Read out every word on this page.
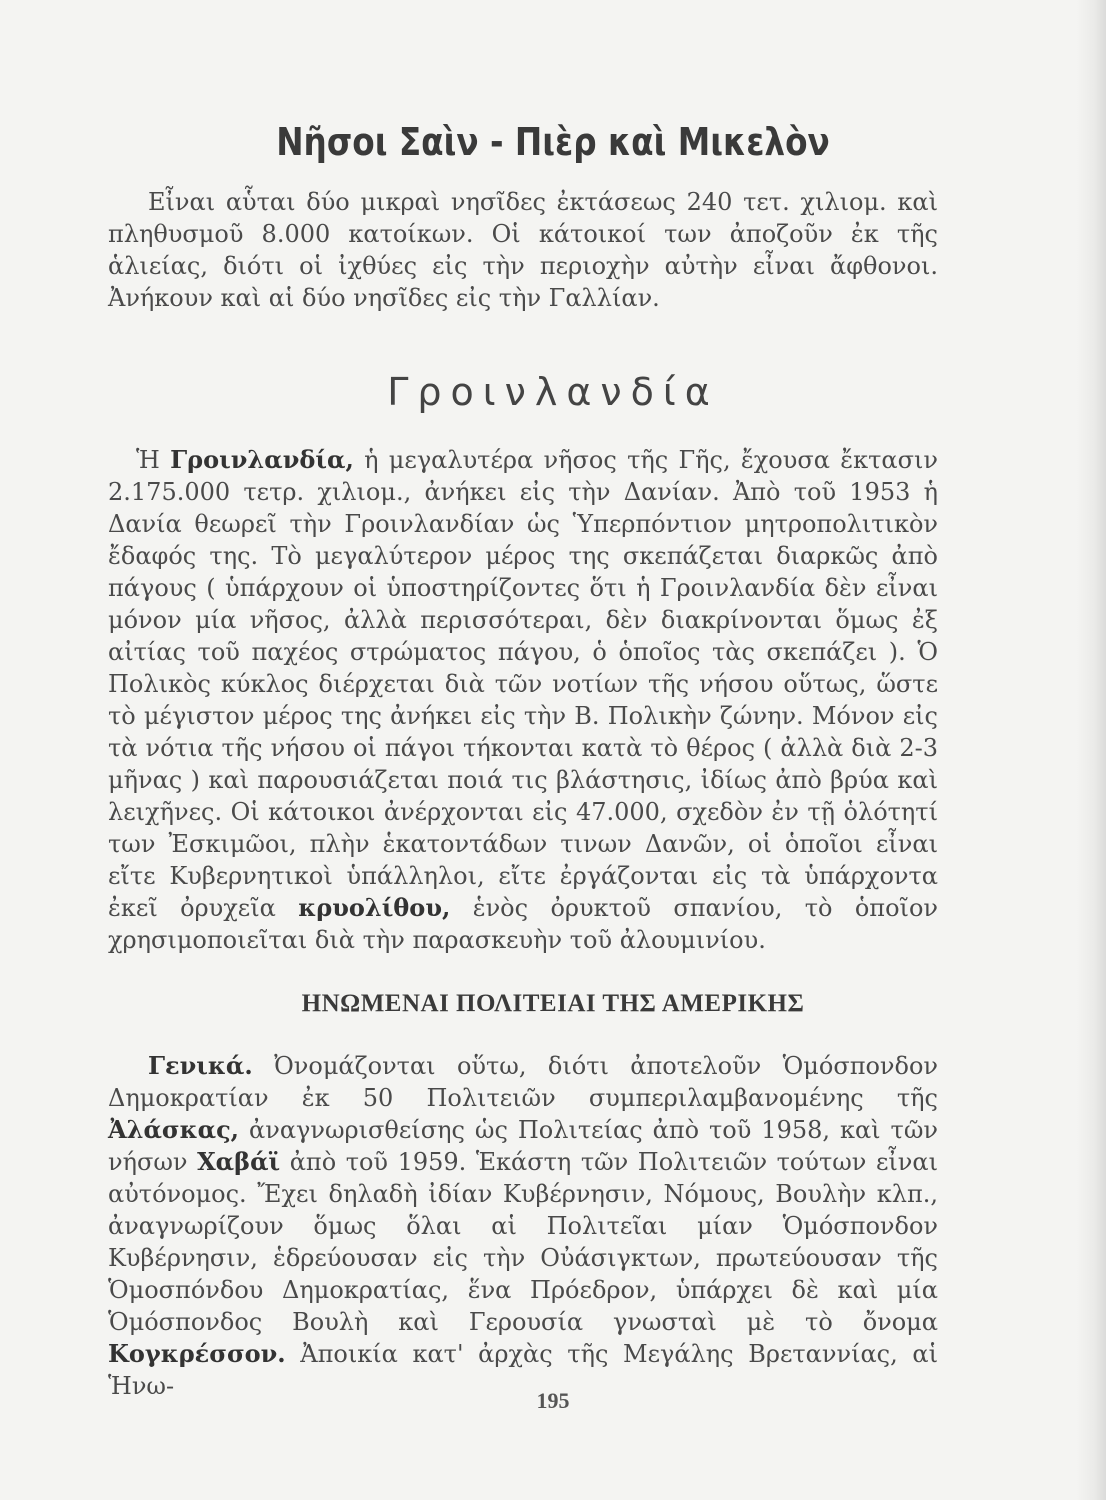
Νῆσοι Σαὶν - Πιὲρ καὶ Μικελὸν
Εἶναι αὗται δύο μικραὶ νησῖδες ἐκτάσεως 240 τετ. χιλιομ. καὶ πληθυσμοῦ 8.000 κατοίκων. Οἱ κάτοικοί των ἀποζοῦν ἐκ τῆς ἁλιείας, διότι οἱ ἰχθύες εἰς τὴν περιοχὴν αὐτὴν εἶναι ἄφθονοι. Ἀνήκουν καὶ αἱ δύο νησῖδες εἰς τὴν Γαλλίαν.
Γροινλανδία
Ἡ Γροινλανδία, ἡ μεγαλυτέρα νῆσος τῆς Γῆς, ἔχουσα ἔκτασιν 2.175.000 τετρ. χιλιομ., ἀνήκει εἰς τὴν Δανίαν. Ἀπὸ τοῦ 1953 ἡ Δανία θεωρεῖ τὴν Γροινλανδίαν ὡς Ὑπερπόντιον μητροπολιτικὸν ἔδαφός της. Τὸ μεγαλύτερον μέρος της σκεπάζεται διαρκῶς ἀπὸ πάγους ( ὑπάρχουν οἱ ὑποστηρίζοντες ὅτι ἡ Γροινλανδία δὲν εἶναι μόνον μία νῆσος, ἀλλὰ περισσότεραι, δὲν διακρίνονται ὅμως ἐξ αἰτίας τοῦ παχέος στρώματος πάγου, ὁ ὁποῖος τὰς σκεπάζει ). Ὁ Πολικὸς κύκλος διέρχεται διὰ τῶν νοτίων τῆς νήσου οὕτως, ὥστε τὸ μέγιστον μέρος της ἀνήκει εἰς τὴν Β. Πολικὴν ζώνην. Μόνον εἰς τὰ νότια τῆς νήσου οἱ πάγοι τήκονται κατὰ τὸ θέρος ( ἀλλὰ διὰ 2-3 μῆνας ) καὶ παρουσιάζεται ποιά τις βλάστησις, ἰδίως ἀπὸ βρύα καὶ λειχῆνες. Οἱ κάτοικοι ἀνέρχονται εἰς 47.000, σχεδὸν ἐν τῇ ὁλότητί των Ἐσκιμῶοι, πλὴν ἑκατοντάδων τινων Δανῶν, οἱ ὁποῖοι εἶναι εἴτε Κυβερνητικοὶ ὑπάλληλοι, εἴτε ἐργάζονται εἰς τὰ ὑπάρχοντα ἐκεῖ ὀρυχεῖα κρυολίθου, ἑνὸς ὀρυκτοῦ σπανίου, τὸ ὁποῖον χρησιμοποιεῖται διὰ τὴν παρασκευὴν τοῦ ἀλουμινίου.
ΗΝΩΜΕΝΑΙ ΠΟΛΙΤΕΙΑΙ ΤΗΣ ΑΜΕΡΙΚΗΣ
Γενικά. Ὀνομάζονται οὕτω, διότι ἀποτελοῦν Ὁμόσπονδον Δημοκρατίαν ἐκ 50 Πολιτειῶν συμπεριλαμβανομένης τῆς Ἀλάσκας, ἀναγνωρισθείσης ὡς Πολιτείας ἀπὸ τοῦ 1958, καὶ τῶν νήσων Χαβάϊ ἀπὸ τοῦ 1959. Ἑκάστη τῶν Πολιτειῶν τούτων εἶναι αὐτόνομος. Ἔχει δηλαδὴ ἰδίαν Κυβέρνησιν, Νόμους, Βουλὴν κλπ., ἀναγνωρίζουν ὅμως ὅλαι αἱ Πολιτεῖαι μίαν Ὁμόσπονδον Κυβέρνησιν, ἑδρεύουσαν εἰς τὴν Οὐάσιγκτων, πρωτεύουσαν τῆς Ὁμοσπόνδου Δημοκρατίας, ἕνα Πρόεδρον, ὑπάρχει δὲ καὶ μία Ὁμόσπονδος Βουλὴ καὶ Γερουσία γνωσταὶ μὲ τὸ ὄνομα Κογκρέσσον. Ἀποικία κατ' ἀρχὰς τῆς Μεγάλης Βρεταννίας, αἱ Ἡνω-
195
